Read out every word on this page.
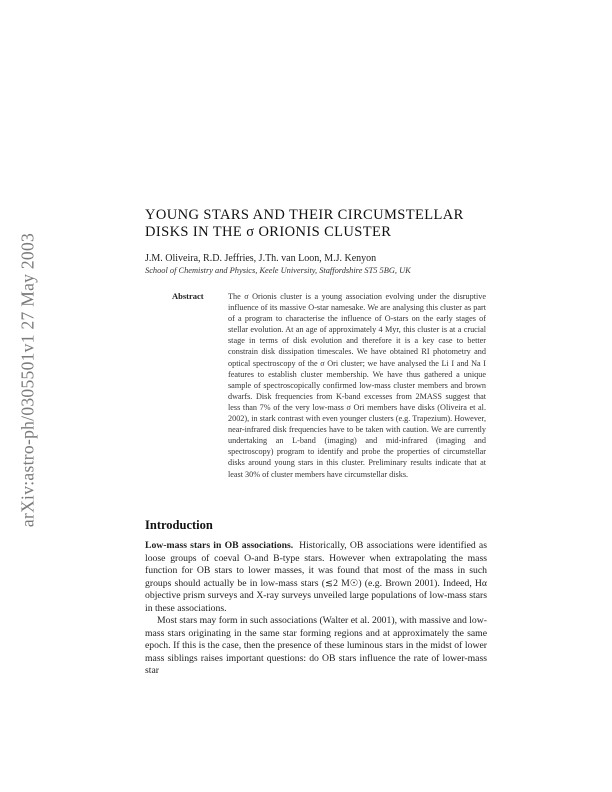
arXiv:astro-ph/0305501v1 27 May 2003
YOUNG STARS AND THEIR CIRCUMSTELLAR
DISKS IN THE σ ORIONIS CLUSTER
J.M. Oliveira, R.D. Jeffries, J.Th. van Loon, M.J. Kenyon
School of Chemistry and Physics, Keele University, Staffordshire ST5 5BG, UK
Abstract	The σ Orionis cluster is a young association evolving under the disruptive influence of its massive O-star namesake. We are analysing this cluster as part of a program to characterise the influence of O-stars on the early stages of stellar evolution. At an age of approximately 4 Myr, this cluster is at a crucial stage in terms of disk evolution and therefore it is a key case to better constrain disk dissipation timescales. We have obtained RI photometry and optical spectroscopy of the σ Ori cluster; we have analysed the Li I and Na I features to establish cluster membership. We have thus gathered a unique sample of spectroscopically confirmed low-mass cluster members and brown dwarfs. Disk frequencies from K-band excesses from 2MASS suggest that less than 7% of the very low-mass σ Ori members have disks (Oliveira et al. 2002), in stark contrast with even younger clusters (e.g. Trapezium). However, near-infrared disk frequencies have to be taken with caution. We are currently undertaking an L-band (imaging) and mid-infrared (imaging and spectroscopy) program to identify and probe the properties of circumstellar disks around young stars in this cluster. Preliminary results indicate that at least 30% of cluster members have circumstellar disks.
Introduction

Low-mass stars in OB associations. Historically, OB associations were identified as loose groups of coeval O-and B-type stars. However when extrapolating the mass function for OB stars to lower masses, it was found that most of the mass in such groups should actually be in low-mass stars (≲2 M☉) (e.g. Brown 2001). Indeed, Hα objective prism surveys and X-ray surveys unveiled large populations of low-mass stars in these associations.

Most stars may form in such associations (Walter et al. 2001), with massive and low-mass stars originating in the same star forming regions and at approximately the same epoch. If this is the case, then the presence of these luminous stars in the midst of lower mass siblings raises important questions: do OB stars influence the rate of lower-mass star
